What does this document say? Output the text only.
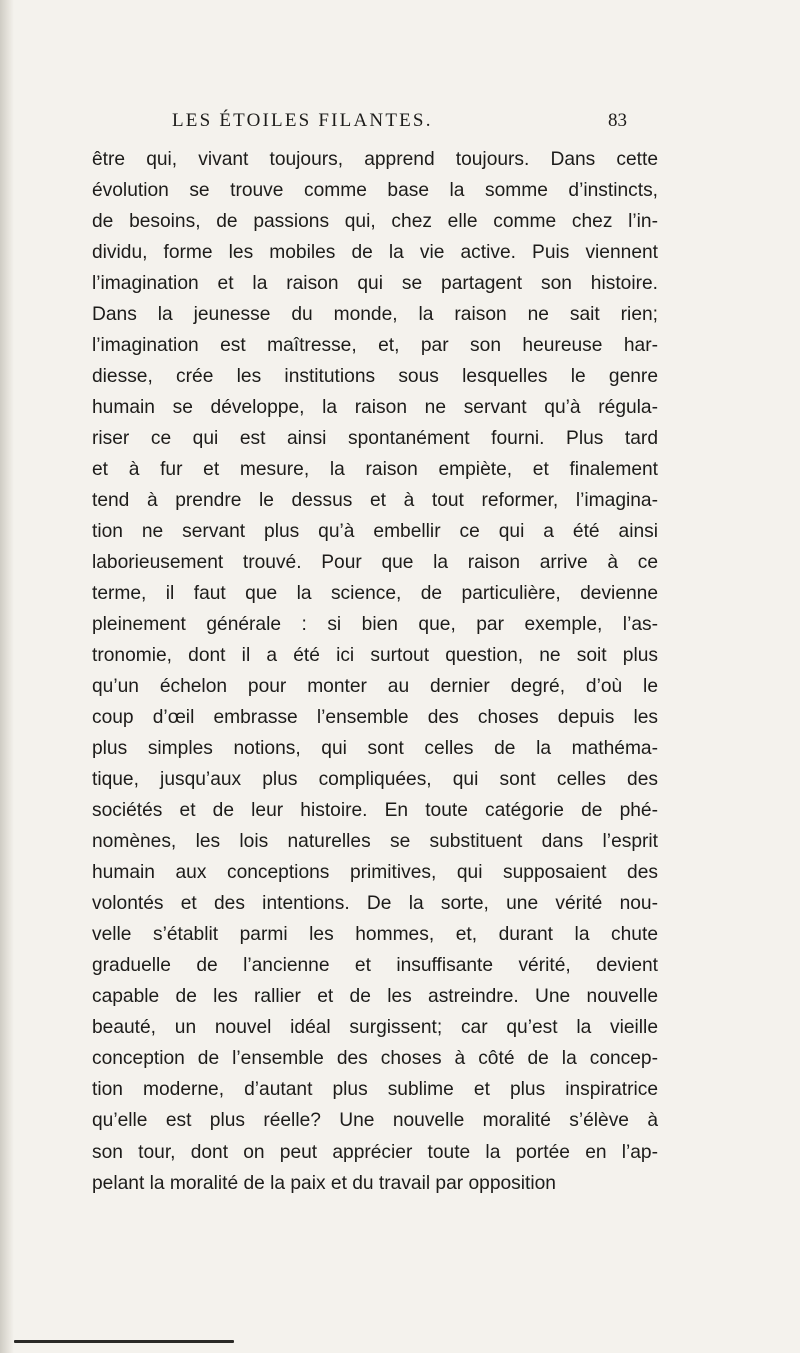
LES ÉTOILES FILANTES.	83
être qui, vivant toujours, apprend toujours. Dans cette
évolution se trouve comme base la somme d’instincts,
de besoins, de passions qui, chez elle comme chez l’in-
dividu, forme les mobiles de la vie active. Puis viennent
l’imagination et la raison qui se partagent son histoire.
Dans la jeunesse du monde, la raison ne sait rien;
l’imagination est maîtresse, et, par son heureuse har-
diesse, crée les institutions sous lesquelles le genre
humain se développe, la raison ne servant qu’à régula-
riser ce qui est ainsi spontanément fourni. Plus tard
et à fur et mesure, la raison empiète, et finalement
tend à prendre le dessus et à tout reformer, l’imagina-
tion ne servant plus qu’à embellir ce qui a été ainsi
laborieusement trouvé. Pour que la raison arrive à ce
terme, il faut que la science, de particulière, devienne
pleinement générale : si bien que, par exemple, l’as-
tronomie, dont il a été ici surtout question, ne soit plus
qu’un échelon pour monter au dernier degré, d’où le
coup d’œil embrasse l’ensemble des choses depuis les
plus simples notions, qui sont celles de la mathéma-
tique, jusqu’aux plus compliquées, qui sont celles des
sociétés et de leur histoire. En toute catégorie de phé-
nomènes, les lois naturelles se substituent dans l’esprit
humain aux conceptions primitives, qui supposaient des
volontés et des intentions. De la sorte, une vérité nou-
velle s’établit parmi les hommes, et, durant la chute
graduelle de l’ancienne et insuffisante vérité, devient
capable de les rallier et de les astreindre. Une nouvelle
beauté, un nouvel idéal surgissent; car qu’est la vieille
conception de l’ensemble des choses à côté de la concep-
tion moderne, d’autant plus sublime et plus inspiratrice
qu’elle est plus réelle? Une nouvelle moralité s’élève à
son tour, dont on peut apprécier toute la portée en l’ap-
pelant la moralité de la paix et du travail par opposition
